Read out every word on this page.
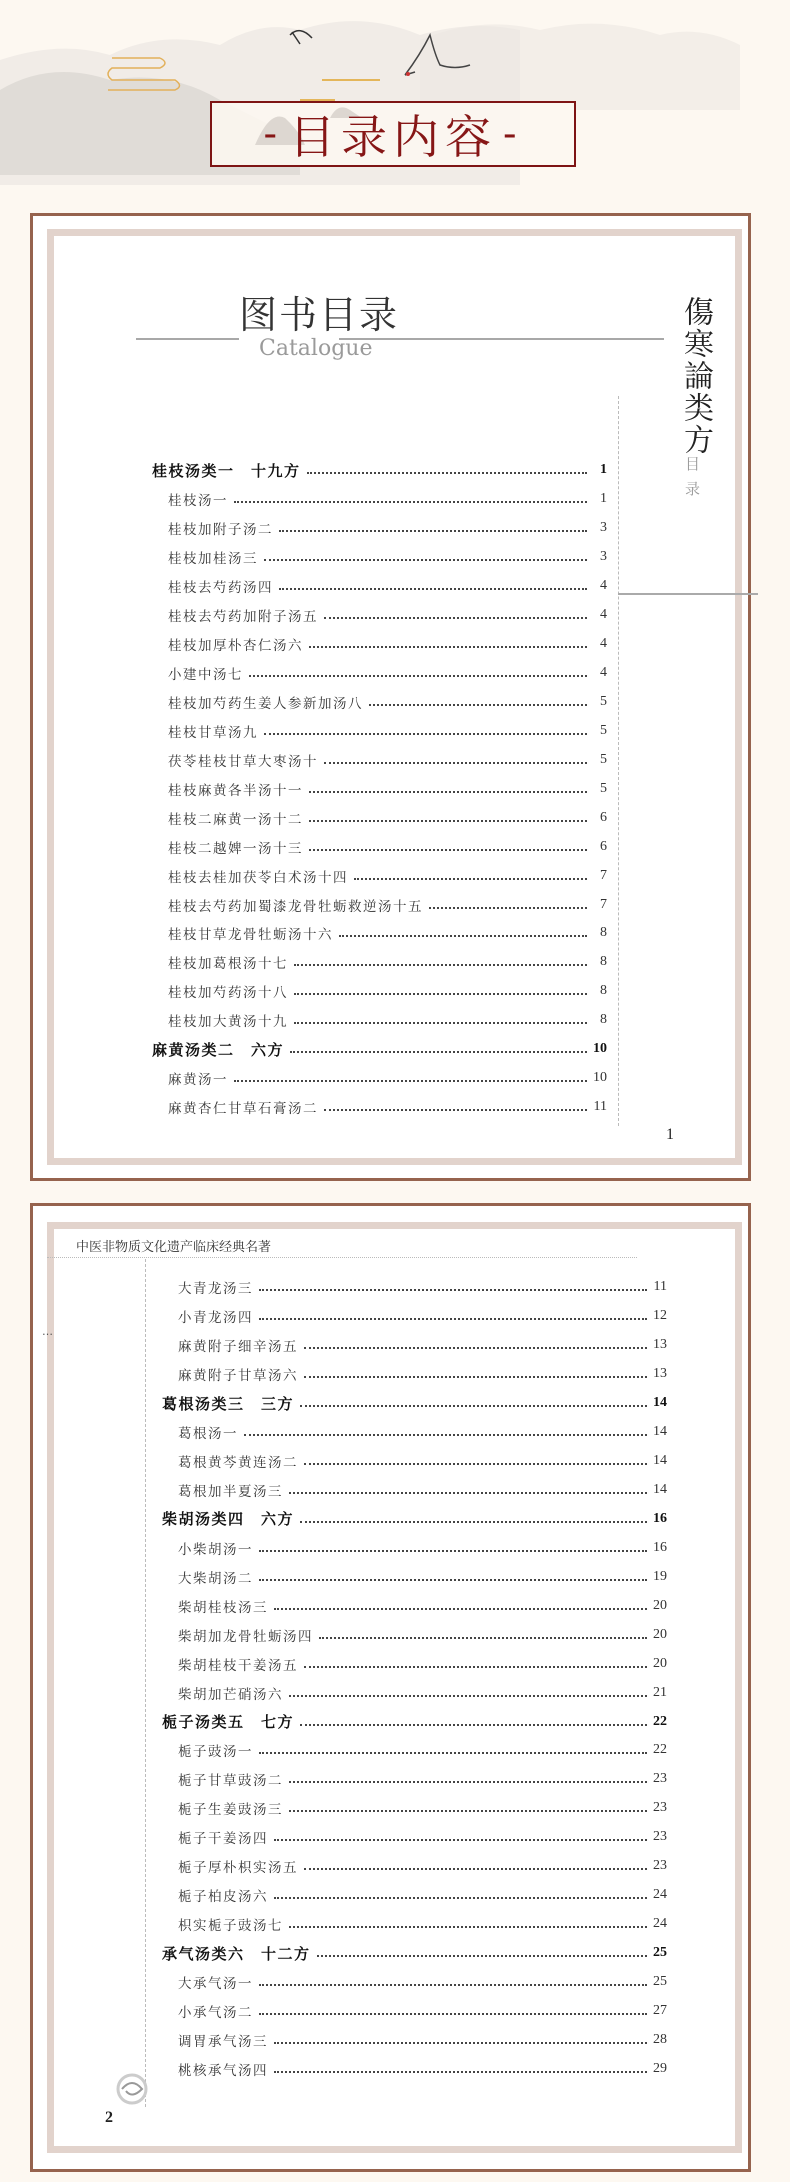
- 目录内容 -
图书目录
Catalogue
桂枝汤类一　十九方	1
桂枝汤一	1
桂枝加附子汤二	3
桂枝加桂汤三	3
桂枝去芍药汤四	4
桂枝去芍药加附子汤五	4
桂枝加厚朴杏仁汤六	4
小建中汤七	4
桂枝加芍药生姜人参新加汤八	5
桂枝甘草汤九	5
茯苓桂枝甘草大枣汤十	5
桂枝麻黄各半汤十一	5
桂枝二麻黄一汤十二	6
桂枝二越婢一汤十三	6
桂枝去桂加茯苓白术汤十四	7
桂枝去芍药加蜀漆龙骨牡蛎救逆汤十五	7
桂枝甘草龙骨牡蛎汤十六	8
桂枝加葛根汤十七	8
桂枝加芍药汤十八	8
桂枝加大黄汤十九	8
麻黄汤类二　六方	10
麻黄汤一	10
麻黄杏仁甘草石膏汤二	11
傷寒論类方
目录
1
中医非物质文化遗产临床经典名著
…
大青龙汤三	11
小青龙汤四	12
麻黄附子细辛汤五	13
麻黄附子甘草汤六	13
葛根汤类三　三方	14
葛根汤一	14
葛根黄芩黄连汤二	14
葛根加半夏汤三	14
柴胡汤类四　六方	16
小柴胡汤一	16
大柴胡汤二	19
柴胡桂枝汤三	20
柴胡加龙骨牡蛎汤四	20
柴胡桂枝干姜汤五	20
柴胡加芒硝汤六	21
栀子汤类五　七方	22
栀子豉汤一	22
栀子甘草豉汤二	23
栀子生姜豉汤三	23
栀子干姜汤四	23
栀子厚朴枳实汤五	23
栀子柏皮汤六	24
枳实栀子豉汤七	24
承气汤类六　十二方	25
大承气汤一	25
小承气汤二	27
调胃承气汤三	28
桃核承气汤四	29
2
